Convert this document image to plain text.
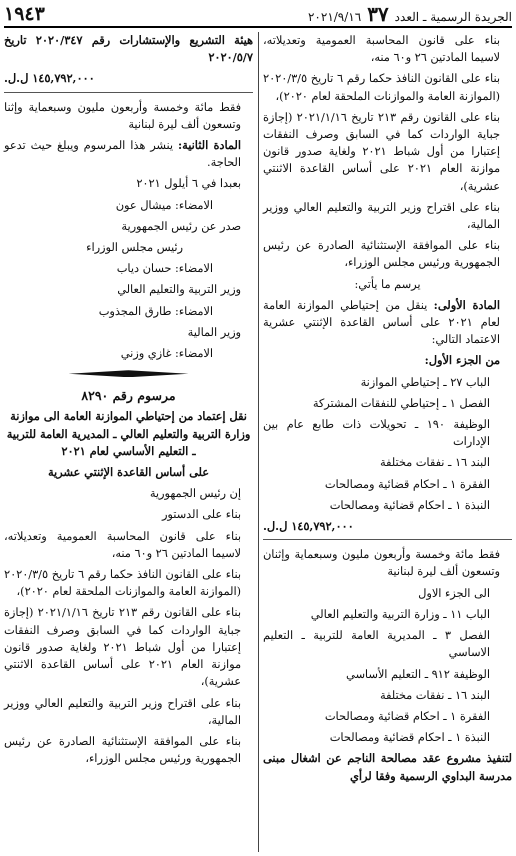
الجريدة الرسمية ـ العدد
٣٧
٢٠٢١/٩/١٦
١٩٤٣

بناء على قانون المحاسبة العمومية وتعديلاته، لاسيما المادتين ٢٦ و٦٠ منه،

بناء على القانون النافذ حكما رقم ٦ تاريخ ٢٠٢٠/٣/٥ (الموازنة العامة والموازنات الملحقة لعام ٢٠٢٠)،

بناء على القانون رقم ٢١٣ تاريخ ٢٠٢١/١/١٦ (إجازة جباية الواردات كما في السابق وصرف النفقات إعتبارا من أول شباط ٢٠٢١ ولغاية صدور قانون موازنة العام ٢٠٢١ على أساس القاعدة الاثنتي عشرية)،

بناء على اقتراح وزير التربية والتعليم العالي ووزير المالية،

بناء على الموافقة الإستثنائية الصادرة عن رئيس الجمهورية ورئيس مجلس الوزراء،

يرسم ما يأتي:

المادة الأولى: ينقل من إحتياطي الموازنة العامة لعام ٢٠٢١ على أساس القاعدة الإثنتي عشرية الاعتماد التالي:

من الجزء الأول:

الباب ٢٧ ـ إحتياطي الموازنة

الفصل ١ ـ إحتياطي للنفقات المشتركة

الوظيفة ١٩٠ ـ تحويلات ذات طابع عام بين الإدارات

البند ١٦ ـ نفقات مختلفة

الفقرة ١ ـ احكام قضائية ومصالحات

النبذة ١ ـ احكام قضائية ومصالحات

١٤٥,٧٩٢,٠٠٠ ل.ل.

فقط مائة وخمسة وأربعون مليون وسبعماية وإثنان وتسعون ألف ليرة لبنانية

الى الجزء الاول

الباب ١١ ـ وزارة التربية والتعليم العالي

الفصل ٣ ـ المديرية العامة للتربية ـ التعليم الاساسي

الوظيفة ٩١٢ ـ التعليم الأساسي

البند ١٦ ـ نفقات مختلفة

الفقرة ١ ـ احكام قضائية ومصالحات

النبذة ١ ـ احكام قضائية ومصالحات

لتنفيذ مشروع عقد مصالحة الناجم عن اشغال مبنى مدرسة البداوي الرسمية وفقا لرأي

هيئة التشريع والإستشارات رقم ٢٠٢٠/٣٤٧ تاريخ ٢٠٢٠/٥/٧

١٤٥,٧٩٢,٠٠٠ ل.ل.

فقط مائة وخمسة وأربعون مليون وسبعماية وإثنا وتسعون ألف ليرة لبنانية

المادة الثانية: ينشر هذا المرسوم ويبلغ حيث تدعو الحاجة.

بعبدا في ٦ أيلول ٢٠٢١

الامضاء: ميشال عون

صدر عن رئيس الجمهورية

رئيس مجلس الوزراء

الامضاء: حسان دياب

وزير التربية والتعليم العالي

الامضاء: طارق المجذوب

وزير المالية

الامضاء: غازي وزني

مرسوم رقم ٨٢٩٠

نقل إعتماد من إحتياطي الموازنة العامة الى موازنة وزارة التربية والتعليم العالي ـ المديرية العامة للتربية ـ التعليم الأساسي لعام ٢٠٢١

على أساس القاعدة الإثنتي عشرية

إن رئيس الجمهورية

بناء على الدستور

بناء على قانون المحاسبة العمومية وتعديلاته، لاسيما المادتين ٢٦ و٦٠ منه،

بناء على القانون النافذ حكما رقم ٦ تاريخ ٢٠٢٠/٣/٥ (الموازنة العامة والموازنات الملحقة لعام ٢٠٢٠)،

بناء على القانون رقم ٢١٣ تاريخ ٢٠٢١/١/١٦ (إجازة جباية الواردات كما في السابق وصرف النفقات إعتبارا من أول شباط ٢٠٢١ ولغاية صدور قانون موازنة العام ٢٠٢١ على أساس القاعدة الاثنتي عشرية)،

بناء على اقتراح وزير التربية والتعليم العالي ووزير المالية،

بناء على الموافقة الإستثنائية الصادرة عن رئيس الجمهورية ورئيس مجلس الوزراء،
